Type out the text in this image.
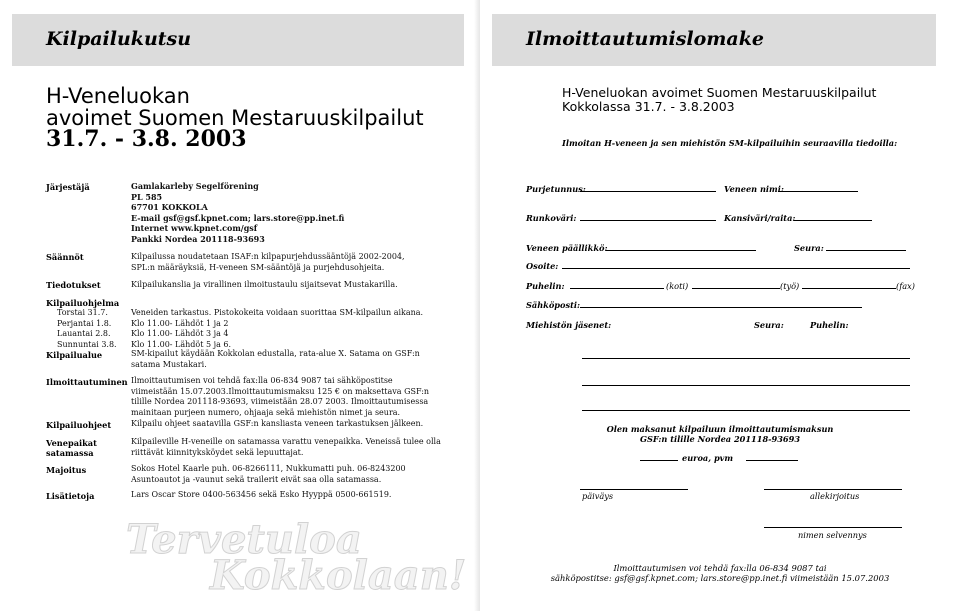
Kilpailukutsu
H-Veneluokan
avoimet Suomen Mestaruuskilpailut
31.7. - 3.8. 2003
Järjestäjä	Gamlakarleby Segelförening
PL 585
67701 KOKKOLA
E-mail gsf@gsf.kpnet.com; lars.store@pp.inet.fi
Internet www.kpnet.com/gsf
Pankki Nordea 201118-93693
Säännöt	Kilpailussa noudatetaan ISAF:n kilpapurjehdussääntöjä 2002-2004,
SPL:n määräyksiä, H-veneen SM-sääntöjä ja purjehdusohjeita.
Tiedotukset	Kilpailukanslia ja virallinen ilmoitustaulu sijaitsevat Mustakarilla.
Kilpailuohjelma
Torstai 31.7.	Veneiden tarkastus. Pistokokeita voidaan suorittaa SM-kilpailun aikana.
Perjantai 1.8.	Klo 11.00- Lähdöt 1 ja 2
Lauantai 2.8.	Klo 11.00- Lähdöt 3 ja 4
Sunnuntai 3.8. Klo 11.00- Lähdöt 5 ja 6.
Kilpailualue	SM-kipailut käydään Kokkolan edustalla, rata-alue X. Satama on GSF:n
satama Mustakari.
Ilmoittautuminen Ilmoittautumisen voi tehdä fax:lla 06-834 9087 tai sähköpostitse
viimeistään 15.07.2003.Ilmoittautumismaksu 125 € on maksettava GSF:n
tilille Nordea 201118-93693, viimeistään 28.07 2003. Ilmoittautumisessa
mainitaan purjeen numero, ohjaaja sekä miehistön nimet ja seura.
Kilpailuohjeet Kilpailu ohjeet saatavilla GSF:n kansliasta veneen tarkastuksen jälkeen.
Venepaikat
satamassa
Kilpaileville H-veneille on satamassa varattu venepaikka. Veneissä tulee olla
riittävät kiinnityksköydet sekä lepuuttajat.
Majoitus	Sokos Hotel Kaarle puh. 06-8266111, Nukkumatti puh. 06-8243200
Asuntoautot ja -vaunut sekä trailerit eivät saa olla satamassa.
Lisätietoja	Lars Oscar Store 0400-563456 sekä Esko Hyyppä 0500-661519.
Tervetuloa
Kokkolaan!
Ilmoittautumislomake
H-Veneluokan avoimet Suomen Mestaruuskilpailut
Kokkolassa 31.7. - 3.8.2003
Ilmoitan H-veneen ja sen miehistön SM-kilpailuihin seuraavilla tiedoilla:
Purjetunnus:	Veneen nimi:
Runkoväri:	Kansiväri/raita:
Veneen päällikkö:	Seura:
Osoite:
Puhelin:	(koti)	(työ)	(fax)
Sähköposti:
Miehistön jäsenet:	Seura:	Puhelin:
Olen maksanut kilpailuun ilmoittautumismaksun
GSF:n tilille Nordea 201118-93693
euroa, pvm
päiväys	allekirjoitus
nimen selvennys
Ilmoittautumisen voi tehdä fax:lla 06-834 9087 tai
sähköpostitse: gsf@gsf.kpnet.com; lars.store@pp.inet.fi viimeistään 15.07.2003
